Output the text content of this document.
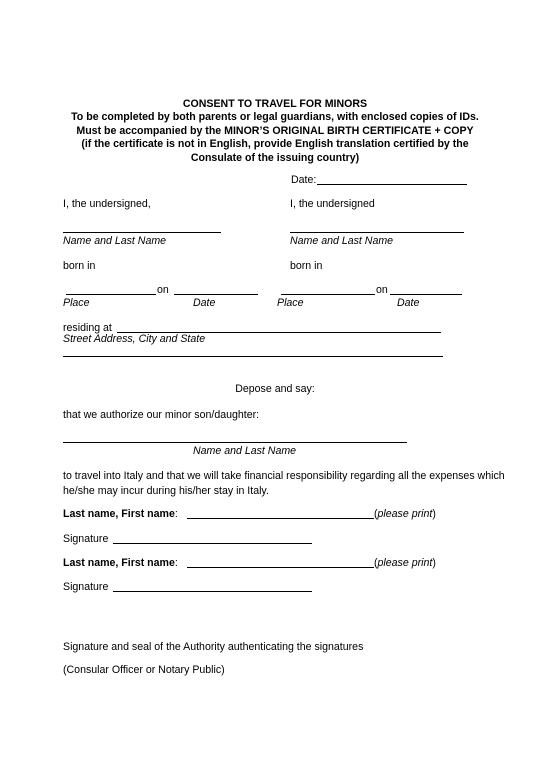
CONSENT TO TRAVEL FOR MINORS
To be completed by both parents or legal guardians, with enclosed copies of IDs.
Must be accompanied by the MINOR’S ORIGINAL BIRTH CERTIFICATE + COPY
(if the certificate is not in English, provide English translation certified by the
Consulate of the issuing country)
Date:
I, the undersigned,	I, the undersigned
Name and Last Name	Name and Last Name
born in	born in
on	on
Place	Date	Place	Date
residing at
Street Address, City and State
Depose and say:
that we authorize our minor son/daughter:
Name and Last Name
to travel into Italy and that we will take financial responsibility regarding all the expenses which he/she may incur during his/her stay in Italy.
Last name, First name:	(please print)
Signature
Last name, First name:	(please print)
Signature
Signature and seal of the Authority authenticating the signatures
(Consular Officer or Notary Public)
